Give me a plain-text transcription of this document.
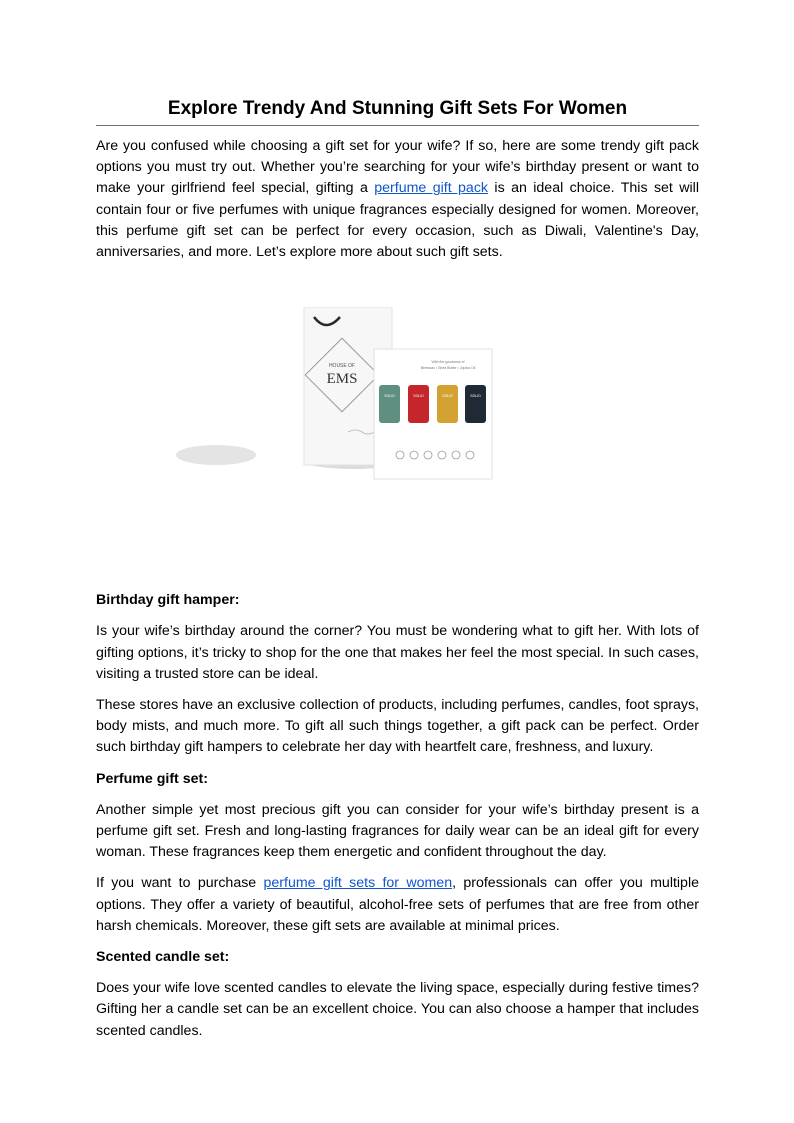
Explore Trendy And Stunning Gift Sets For Women

Are you confused while choosing a gift set for your wife? If so, here are some trendy gift pack options you must try out. Whether you’re searching for your wife’s birthday present or want to make your girlfriend feel special, gifting a perfume gift pack is an ideal choice. This set will contain four or five perfumes with unique fragrances especially designed for women. Moreover, this perfume gift set can be perfect for every occasion, such as Diwali, Valentine's Day, anniversaries, and more. Let’s explore more about such gift sets.

HOUSE OF
EMS
With the goodness of
Beeswax • Shea Butter • Jojoba Oil
SOLID	SOLID	SOLID	SOLID
Birthday gift hamper:

Is your wife’s birthday around the corner? You must be wondering what to gift her. With lots of gifting options, it’s tricky to shop for the one that makes her feel the most special. In such cases, visiting a trusted store can be ideal.

These stores have an exclusive collection of products, including perfumes, candles, foot sprays, body mists, and much more. To gift all such things together, a gift pack can be perfect. Order such birthday gift hampers to celebrate her day with heartfelt care, freshness, and luxury.

Perfume gift set:

Another simple yet most precious gift you can consider for your wife’s birthday present is a perfume gift set. Fresh and long-lasting fragrances for daily wear can be an ideal gift for every woman. These fragrances keep them energetic and confident throughout the day.

If you want to purchase perfume gift sets for women, professionals can offer you multiple options. They offer a variety of beautiful, alcohol-free sets of perfumes that are free from other harsh chemicals. Moreover, these gift sets are available at minimal prices.

Scented candle set:

Does your wife love scented candles to elevate the living space, especially during festive times? Gifting her a candle set can be an excellent choice. You can also choose a hamper that includes scented candles.
